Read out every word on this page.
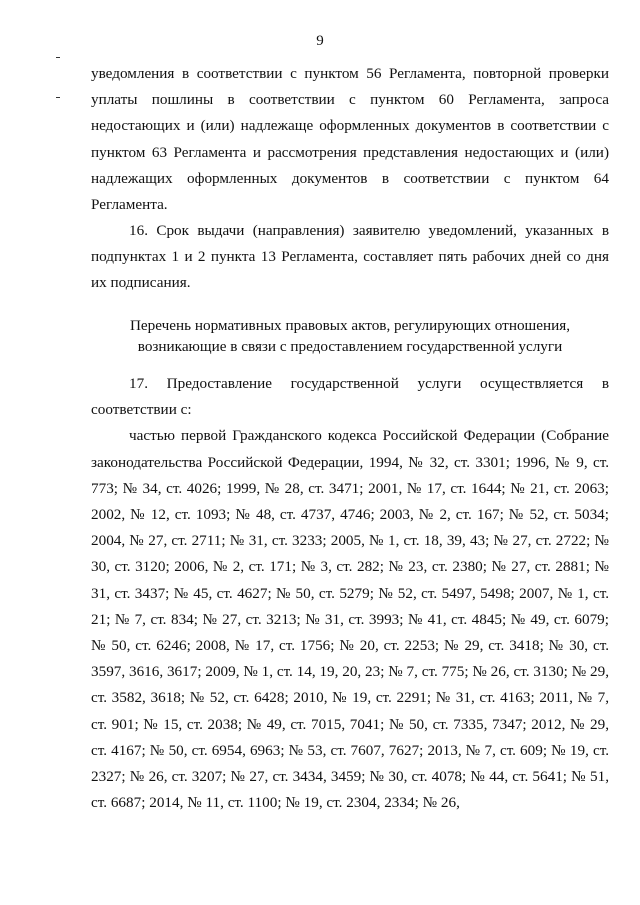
9

уведомления в соответствии с пунктом 56 Регламента, повторной проверки уплаты пошлины в соответствии с пунктом 60 Регламента, запроса недостающих и (или) надлежаще оформленных документов в соответствии с пунктом 63 Регламента и рассмотрения представления недостающих и (или) надлежащих оформленных документов в соответствии с пунктом 64 Регламента.

16. Срок выдачи (направления) заявителю уведомлений, указанных в подпунктах 1 и 2 пункта 13 Регламента, составляет пять рабочих дней со дня их подписания.

Перечень нормативных правовых актов, регулирующих отношения,
возникающие в связи с предоставлением государственной услуги

17. Предоставление государственной услуги осуществляется в соответствии с:

частью первой Гражданского кодекса Российской Федерации (Собрание законодательства Российской Федерации, 1994, № 32, ст. 3301; 1996, № 9, ст. 773; № 34, ст. 4026; 1999, № 28, ст. 3471; 2001, № 17, ст. 1644; № 21, ст. 2063; 2002, № 12, ст. 1093; № 48, ст. 4737, 4746; 2003, № 2, ст. 167; № 52, ст. 5034; 2004, № 27, ст. 2711; № 31, ст. 3233; 2005, № 1, ст. 18, 39, 43; № 27, ст. 2722; № 30, ст. 3120; 2006, № 2, ст. 171; № 3, ст. 282; № 23, ст. 2380; № 27, ст. 2881; № 31, ст. 3437; № 45, ст. 4627; № 50, ст. 5279; № 52, ст. 5497, 5498; 2007, № 1, ст. 21; № 7, ст. 834; № 27, ст. 3213; № 31, ст. 3993; № 41, ст. 4845; № 49, ст. 6079; № 50, ст. 6246; 2008, № 17, ст. 1756; № 20, ст. 2253; № 29, ст. 3418; № 30, ст. 3597, 3616, 3617; 2009, № 1, ст. 14, 19, 20, 23; № 7, ст. 775; № 26, ст. 3130; № 29, ст. 3582, 3618; № 52, ст. 6428; 2010, № 19, ст. 2291; № 31, ст. 4163; 2011, № 7, ст. 901; № 15, ст. 2038; № 49, ст. 7015, 7041; № 50, ст. 7335, 7347; 2012, № 29, ст. 4167; № 50, ст. 6954, 6963; № 53, ст. 7607, 7627; 2013, № 7, ст. 609; № 19, ст. 2327; № 26, ст. 3207; № 27, ст. 3434, 3459; № 30, ст. 4078; № 44, ст. 5641; № 51, ст. 6687; 2014, № 11, ст. 1100; № 19, ст. 2304, 2334; № 26,
